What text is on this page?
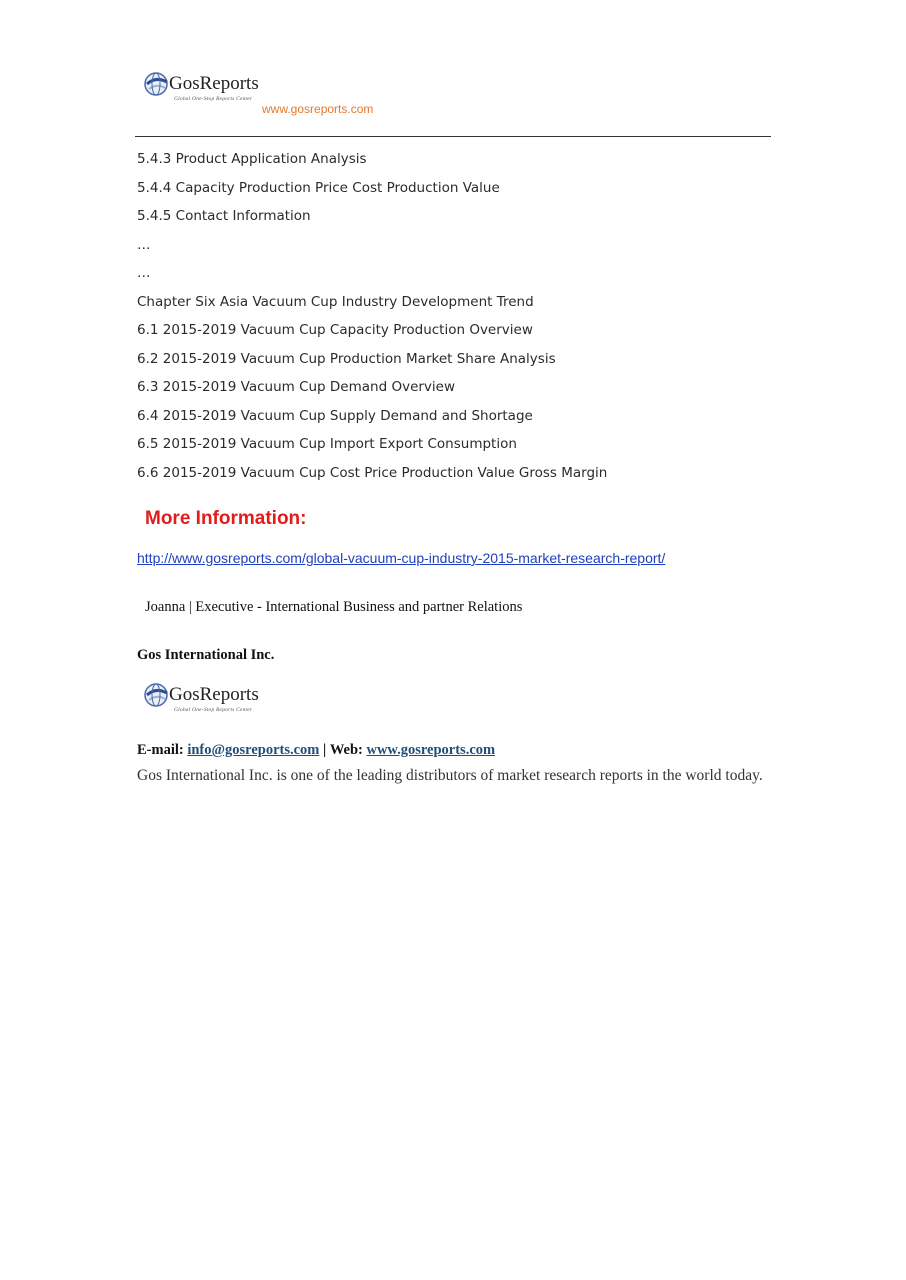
GosReports
Global One-Stop Reports Center
www.gosreports.com
5.4.3 Product Application Analysis
5.4.4 Capacity Production Price Cost Production Value
5.4.5 Contact Information
…
…
Chapter Six Asia Vacuum Cup Industry Development Trend
6.1 2015-2019 Vacuum Cup Capacity Production Overview
6.2 2015-2019 Vacuum Cup Production Market Share Analysis
6.3 2015-2019 Vacuum Cup Demand Overview
6.4 2015-2019 Vacuum Cup Supply Demand and Shortage
6.5 2015-2019 Vacuum Cup Import Export Consumption
6.6 2015-2019 Vacuum Cup Cost Price Production Value Gross Margin
More Information:
http://www.gosreports.com/global-vacuum-cup-industry-2015-market-research-report/
Joanna | Executive - International Business and partner Relations
Gos International Inc.
GosReports
Global One-Stop Reports Center
E-mail: info@gosreports.com | Web: www.gosreports.com

Gos International Inc. is one of the leading distributors of market research reports in the world today.
